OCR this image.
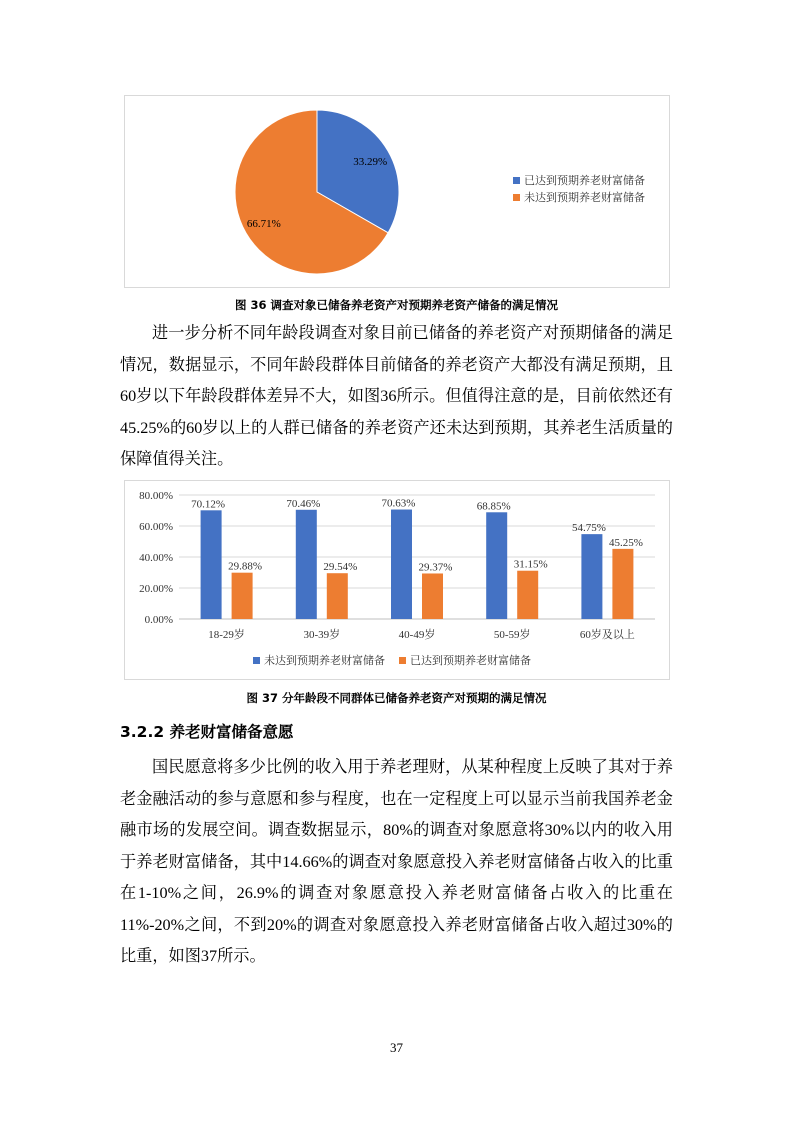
33.29%
66.71%
已达到预期养老财富储备
未达到预期养老财富储备
图 36 调查对象已储备养老资产对预期养老资产储备的满足情况

进一步分析不同年龄段调查对象目前已储备的养老资产对预期储备的满足情况，数据显示，不同年龄段群体目前储备的养老资产大都没有满足预期，且60岁以下年龄段群体差异不大，如图36所示。但值得注意的是，目前依然还有45.25%的60岁以上的人群已储备的养老资产还未达到预期，其养老生活质量的保障值得关注。

0.00%
20.00%
40.00%
60.00%
80.00%
70.12%
29.88%
18-29岁
70.46%
29.54%
30-39岁
70.63%
29.37%
40-49岁
68.85%
31.15%
50-59岁
54.75%
45.25%
60岁及以上
未达到预期养老财富储备 已达到预期养老财富储备
图 37 分年龄段不同群体已储备养老资产对预期的满足情况
3.2.2 养老财富储备意愿

国民愿意将多少比例的收入用于养老理财，从某种程度上反映了其对于养老金融活动的参与意愿和参与程度，也在一定程度上可以显示当前我国养老金融市场的发展空间。调查数据显示，80%的调查对象愿意将30%以内的收入用于养老财富储备，其中14.66%的调查对象愿意投入养老财富储备占收入的比重在1-10%之间，26.9%的调查对象愿意投入养老财富储备占收入的比重在11%-20%之间，不到20%的调查对象愿意投入养老财富储备占收入超过30%的比重，如图37所示。

37
